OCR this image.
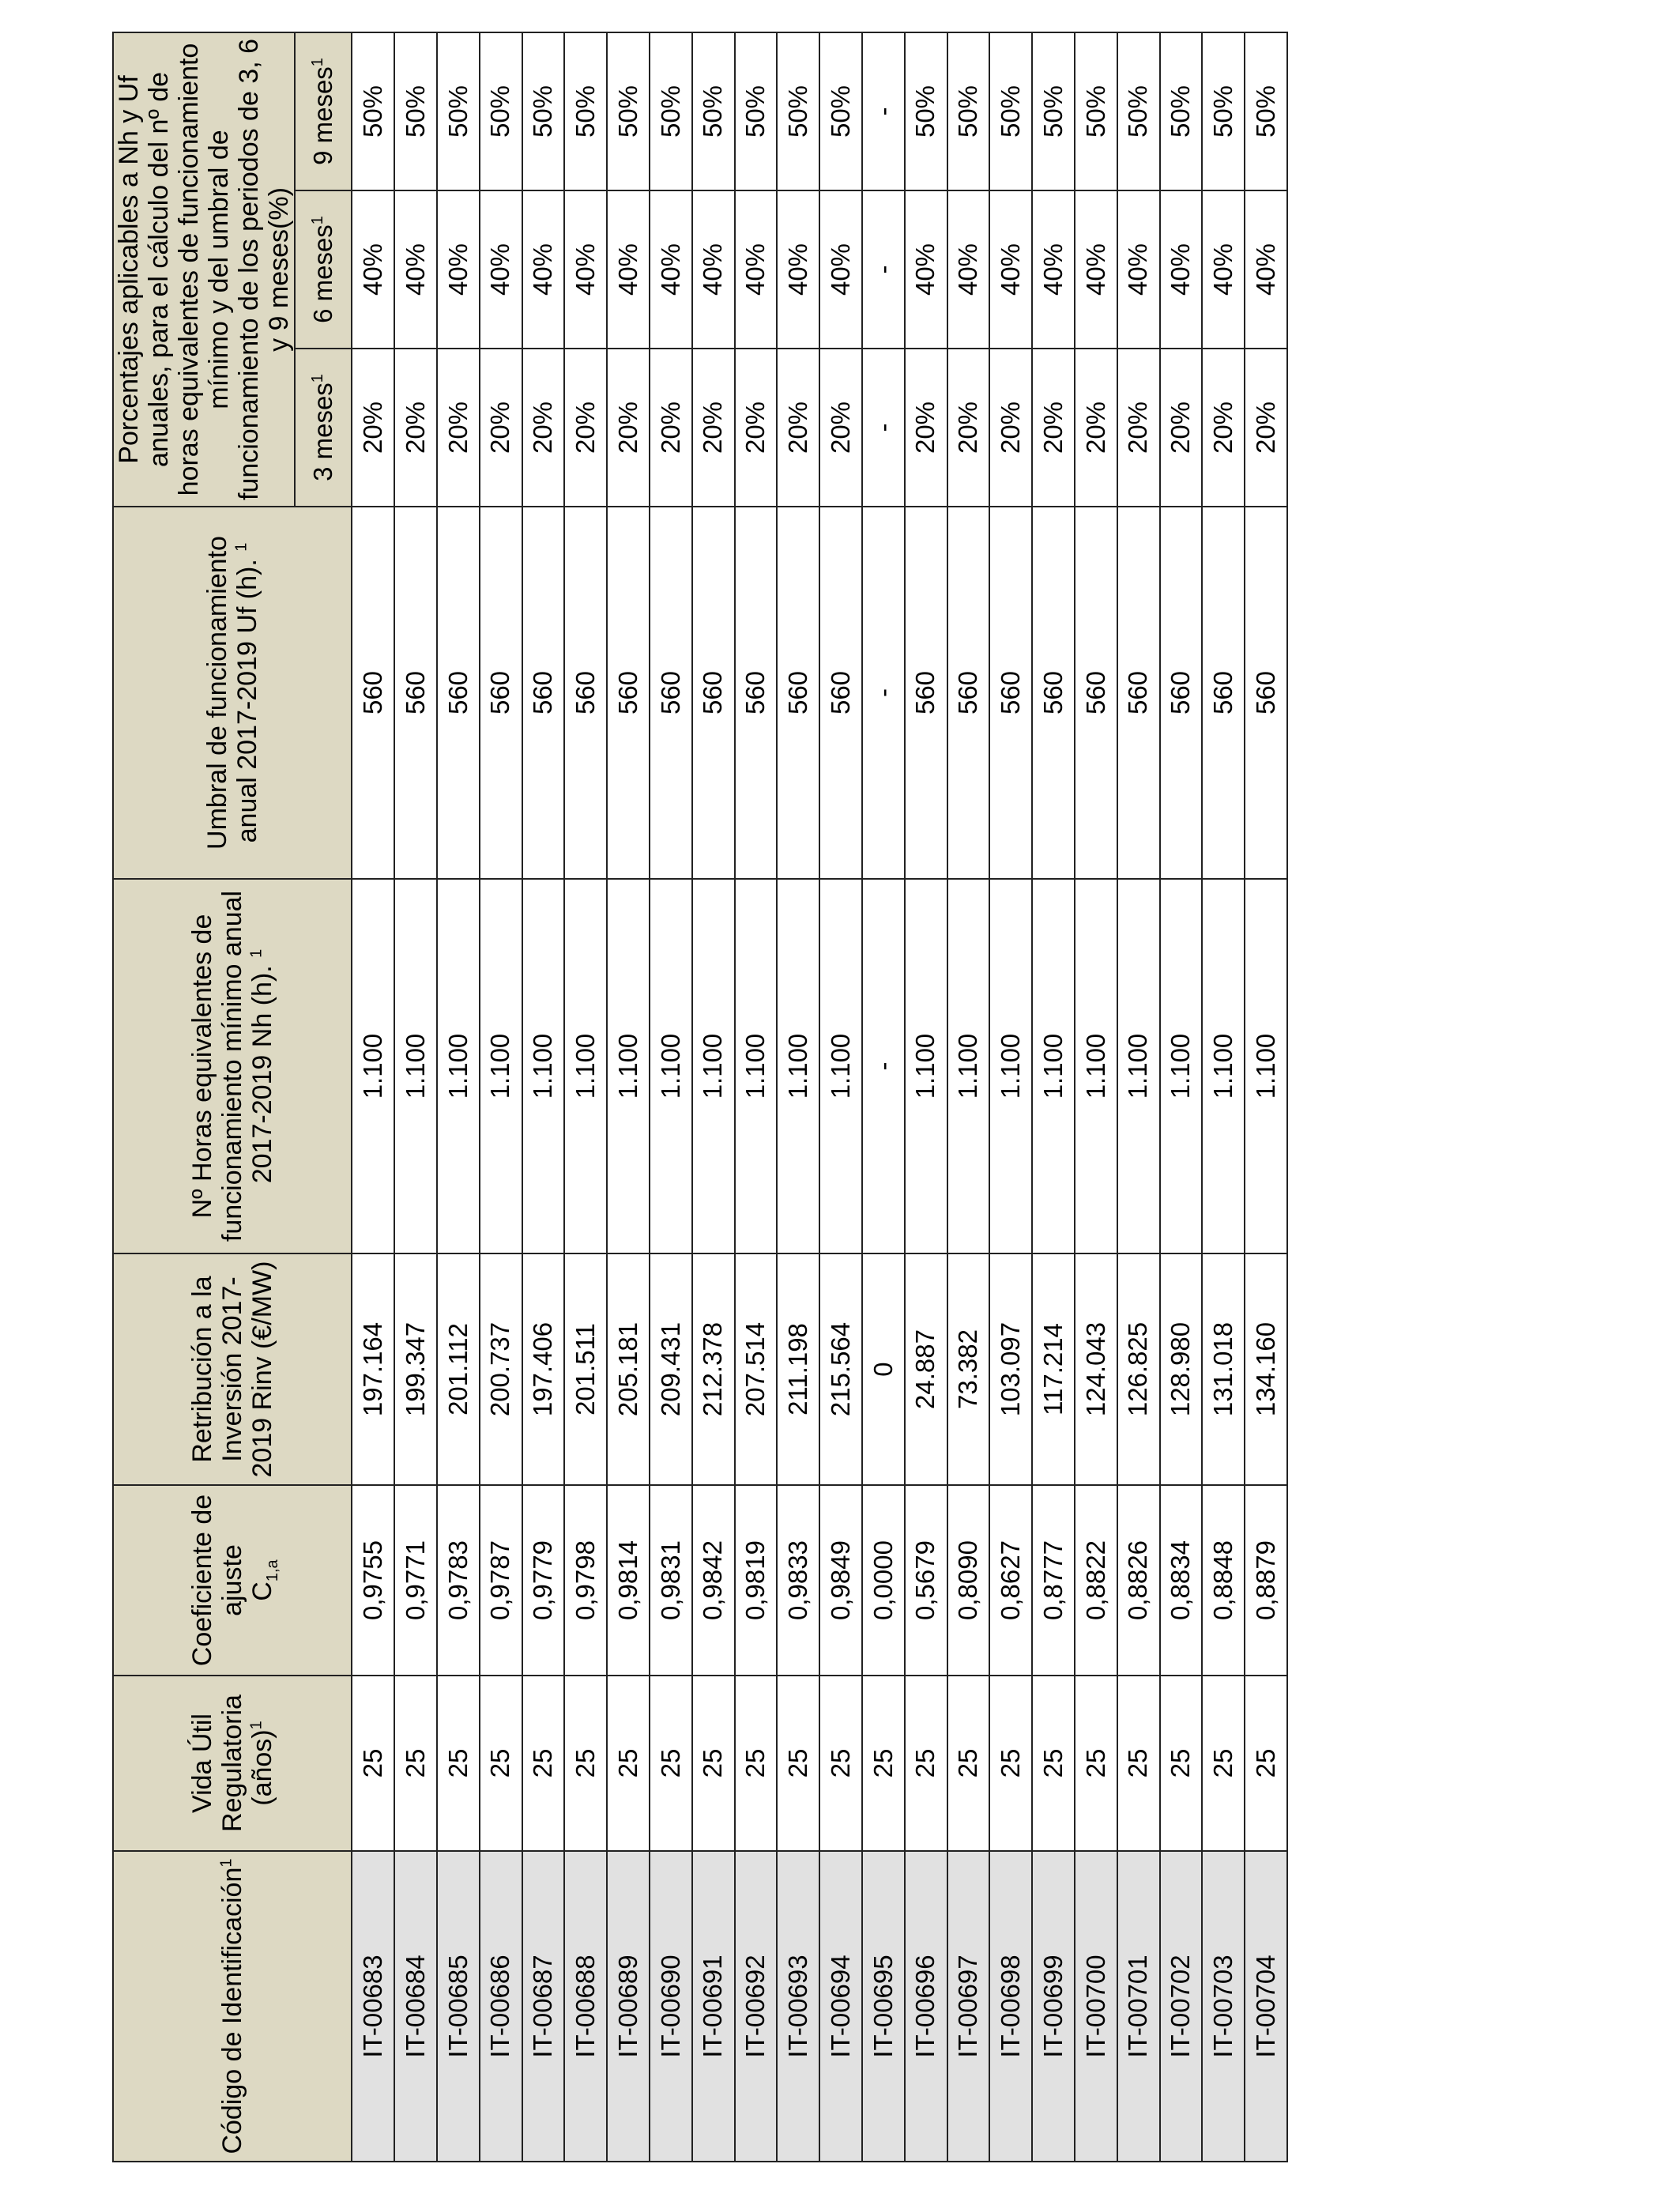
Código de Identificación$^1$	Vida Útil Regulatoria (años)$^1$	Coeficiente de ajuste
$C_{1,a}$	Retribución a la Inversión 2017-2019 Rinv (€/MW)	Nº Horas equivalentes de funcionamiento mínimo anual 2017-2019 Nh (h). $^1$	Umbral de funcionamiento anual 2017-2019 Uf (h). $^1$	Porcentajes aplicables a Nh y Uf anuales, para el cálculo del nº de horas equivalentes de funcionamiento mínimo y del umbral de funcionamiento de los periodos de 3, 6 y 9 meses(%)		
						3 meses$^1$	6 meses$^1$	9 meses$^1$
IT-00683	25	0,9755	197.164	1.100	560	20%	40%	50%
IT-00684	25	0,9771	199.347	1.100	560	20%	40%	50%
IT-00685	25	0,9783	201.112	1.100	560	20%	40%	50%
IT-00686	25	0,9787	200.737	1.100	560	20%	40%	50%
IT-00687	25	0,9779	197.406	1.100	560	20%	40%	50%
IT-00688	25	0,9798	201.511	1.100	560	20%	40%	50%
IT-00689	25	0,9814	205.181	1.100	560	20%	40%	50%
IT-00690	25	0,9831	209.431	1.100	560	20%	40%	50%
IT-00691	25	0,9842	212.378	1.100	560	20%	40%	50%
IT-00692	25	0,9819	207.514	1.100	560	20%	40%	50%
IT-00693	25	0,9833	211.198	1.100	560	20%	40%	50%
IT-00694	25	0,9849	215.564	1.100	560	20%	40%	50%
IT-00695	25	0,0000	0	-	-	-	-	-
IT-00696	25	0,5679	24.887	1.100	560	20%	40%	50%
IT-00697	25	0,8090	73.382	1.100	560	20%	40%	50%
IT-00698	25	0,8627	103.097	1.100	560	20%	40%	50%
IT-00699	25	0,8777	117.214	1.100	560	20%	40%	50%
IT-00700	25	0,8822	124.043	1.100	560	20%	40%	50%
IT-00701	25	0,8826	126.825	1.100	560	20%	40%	50%
IT-00702	25	0,8834	128.980	1.100	560	20%	40%	50%
IT-00703	25	0,8848	131.018	1.100	560	20%	40%	50%
IT-00704	25	0,8879	134.160	1.100	560	20%	40%	50%
